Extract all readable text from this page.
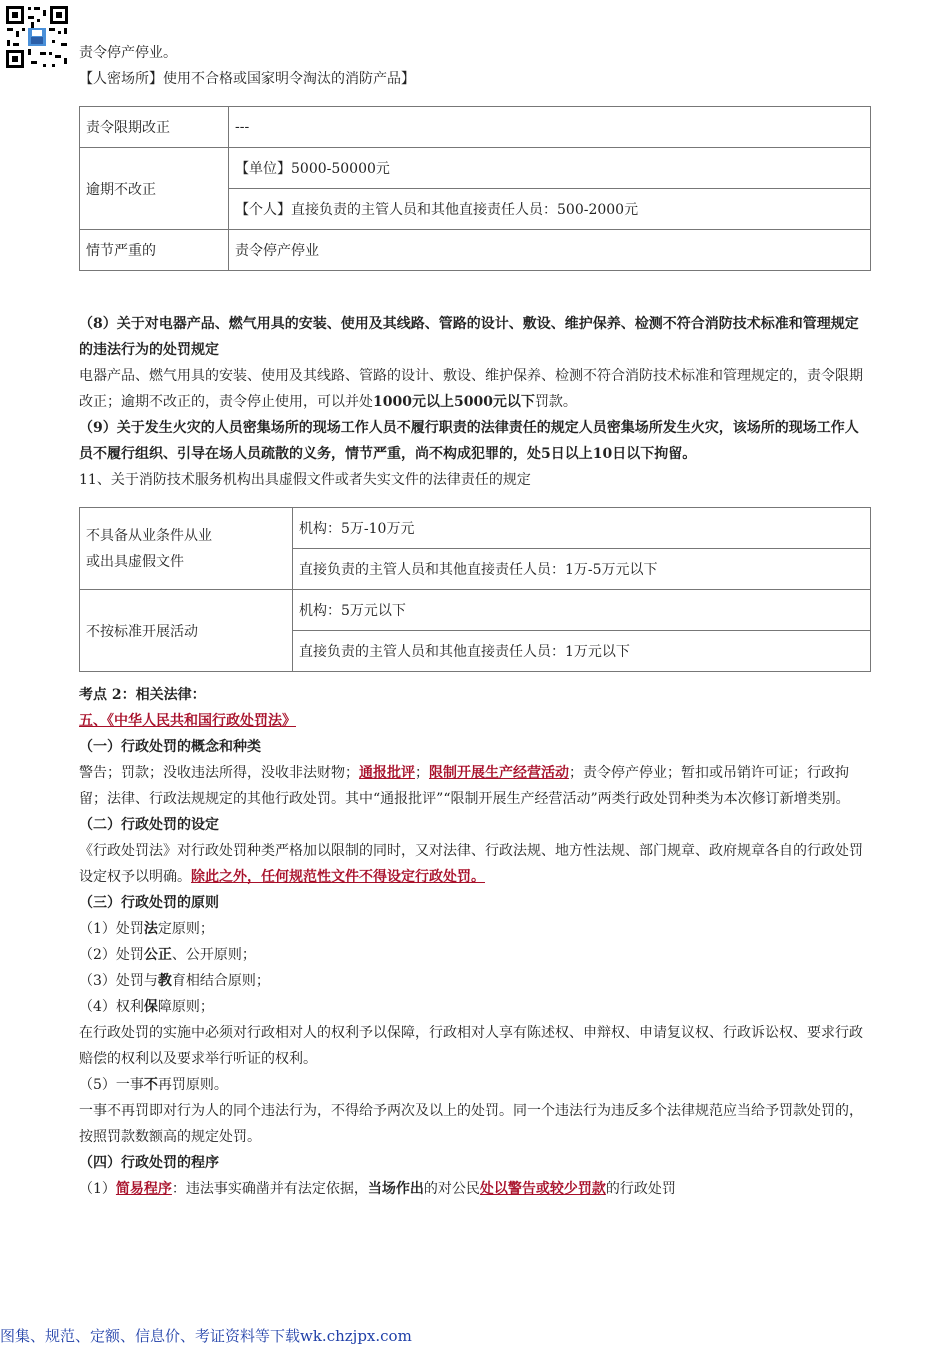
责令停产停业。
【人密场所】使用不合格或国家明令淘汰的消防产品】
责令限期改正	---
逾期不改正	【单位】5000-50000元
	【个人】直接负责的主管人员和其他直接责任人员：500-2000元
情节严重的	责令停产停业
（8）关于对电器产品、燃气用具的安装、使用及其线路、管路的设计、敷设、维护保养、检测不符合消防技术标准和管理规定的违法行为的处罚规定
电器产品、燃气用具的安装、使用及其线路、管路的设计、敷设、维护保养、检测不符合消防技术标准和管理规定的，责令限期改正；逾期不改正的，责令停止使用，可以并处1000元以上5000元以下罚款。
（9）关于发生火灾的人员密集场所的现场工作人员不履行职责的法律责任的规定人员密集场所发生火灾，该场所的现场工作人员不履行组织、引导在场人员疏散的义务，情节严重，尚不构成犯罪的，处5日以上10日以下拘留。
11、关于消防技术服务机构出具虚假文件或者失实文件的法律责任的规定
不具备从业条件从业
或出具虚假文件	机构：5万-10万元
	直接负责的主管人员和其他直接责任人员：1万-5万元以下
不按标准开展活动	机构：5万元以下
	直接负责的主管人员和其他直接责任人员：1万元以下
考点 2：相关法律：
五、《中华人民共和国行政处罚法》
（一）行政处罚的概念和种类
警告；罚款；没收违法所得，没收非法财物；通报批评；限制开展生产经营活动；责令停产停业；暂扣或吊销许可证；行政拘留；法律、行政法规规定的其他行政处罚。其中“通报批评”“限制开展生产经营活动”两类行政处罚种类为本次修订新增类别。
（二）行政处罚的设定
《行政处罚法》对行政处罚种类严格加以限制的同时，又对法律、行政法规、地方性法规、部门规章、政府规章各自的行政处罚设定权予以明确。除此之外，任何规范性文件不得设定行政处罚。
（三）行政处罚的原则
（1）处罚法定原则；
（2）处罚公正、公开原则；
（3）处罚与教育相结合原则；
（4）权利保障原则；
在行政处罚的实施中必须对行政相对人的权利予以保障，行政相对人享有陈述权、申辩权、申请复议权、行政诉讼权、要求行政赔偿的权利以及要求举行听证的权利。
（5）一事不再罚原则。
一事不再罚即对行为人的同个违法行为，不得给予两次及以上的处罚。同一个违法行为违反多个法律规范应当给予罚款处罚的，按照罚款数额高的规定处罚。
（四）行政处罚的程序
（1）简易程序：违法事实确凿并有法定依据，当场作出的对公民处以警告或较少罚款的行政处罚
图集、规范、定额、信息价、考证资料等下载wk.chzjpx.com
